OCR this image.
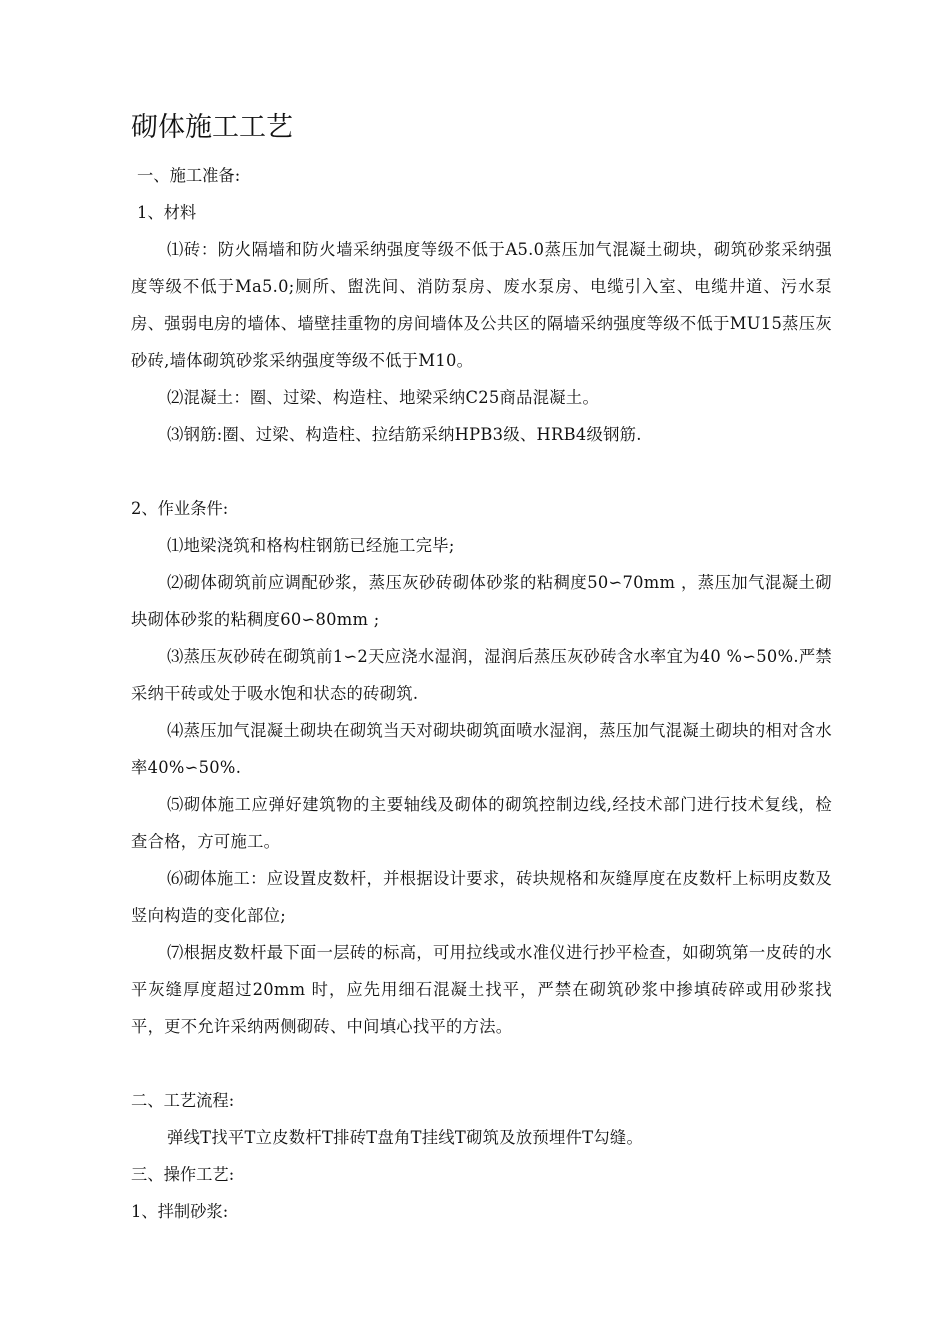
砌体施工工艺

一、施工准备:

1、材料

⑴砖：防火隔墙和防火墙采纳强度等级不低于A5.0蒸压加气混凝土砌块，砌筑砂浆采纳强度等级不低于Ma5.0;厕所、盥洗间、消防泵房、废水泵房、电缆引入室、电缆井道、污水泵房、强弱电房的墙体、墙壁挂重物的房间墙体及公共区的隔墙采纳强度等级不低于MU15蒸压灰砂砖,墙体砌筑砂浆采纳强度等级不低于M10。

⑵混凝土：圈、过梁、构造柱、地梁采纳C25商品混凝土。

⑶钢筋:圈、过梁、构造柱、拉结筋采纳HPB3级、HRB4级钢筋.

2、作业条件:

⑴地梁浇筑和格构柱钢筋已经施工完毕;

⑵砌体砌筑前应调配砂浆，蒸压灰砂砖砌体砂浆的粘稠度50∽70mm ，蒸压加气混凝土砌块砌体砂浆的粘稠度60∽80mm ;

⑶蒸压灰砂砖在砌筑前1∽2天应浇水湿润，湿润后蒸压灰砂砖含水率宜为40 %∽50%.严禁采纳干砖或处于吸水饱和状态的砖砌筑.

⑷蒸压加气混凝土砌块在砌筑当天对砌块砌筑面喷水湿润，蒸压加气混凝土砌块的相对含水率40%∽50%.

⑸砌体施工应弹好建筑物的主要轴线及砌体的砌筑控制边线,经技术部门进行技术复线，检查合格，方可施工。

⑹砌体施工：应设置皮数杆，并根据设计要求，砖块规格和灰缝厚度在皮数杆上标明皮数及竖向构造的变化部位;

⑺根据皮数杆最下面一层砖的标高，可用拉线或水准仪进行抄平检查，如砌筑第一皮砖的水平灰缝厚度超过20mm 时，应先用细石混凝土找平，严禁在砌筑砂浆中掺填砖碎或用砂浆找平，更不允许采纳两侧砌砖、中间填心找平的方法。

二、工艺流程:

弹线T找平T立皮数杆T排砖T盘角T挂线T砌筑及放预埋件T勾缝。

三、操作工艺:

1、拌制砂浆:
